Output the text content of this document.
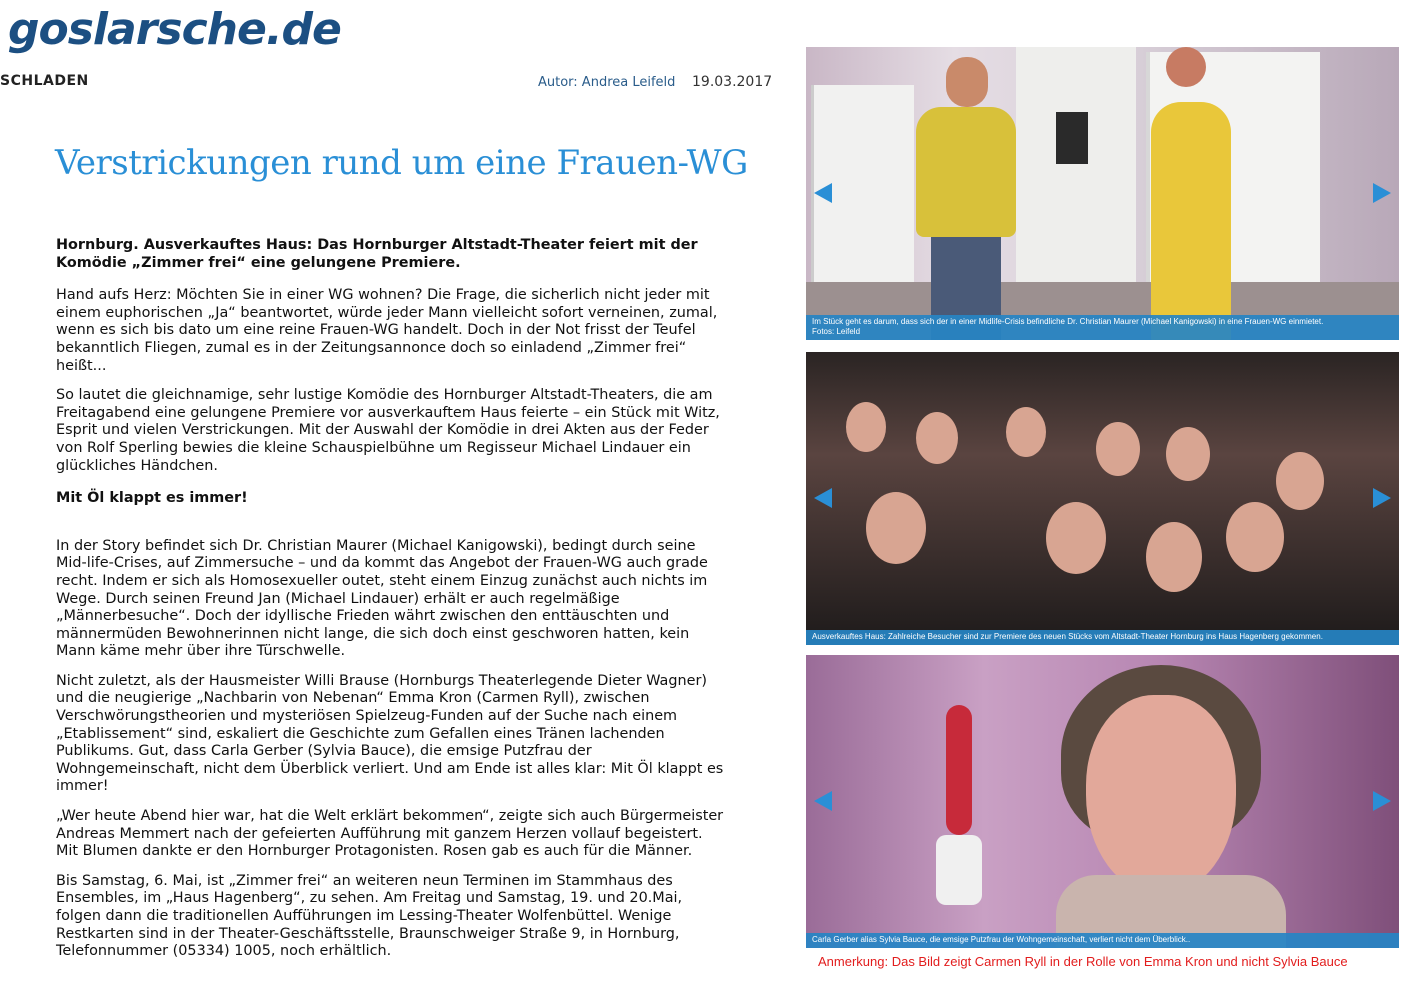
goslarsche.de
SCHLADEN	Autor: Andrea Leifeld 19.03.2017
Verstrickungen rund um eine Frauen-WG

Hornburg. Ausverkauftes Haus: Das Hornburger Altstadt-Theater feiert mit der Komödie „Zimmer frei“ eine gelungene Premiere.

Hand aufs Herz: Möchten Sie in einer WG wohnen? Die Frage, die sicherlich nicht jeder mit einem euphorischen „Ja“ beantwortet, würde jeder Mann vielleicht sofort verneinen, zumal, wenn es sich bis dato um eine reine Frauen-WG handelt. Doch in der Not frisst der Teufel bekanntlich Fliegen, zumal es in der Zeitungsannonce doch so einladend „Zimmer frei“ heißt...

So lautet die gleichnamige, sehr lustige Komödie des Hornburger Altstadt-Theaters, die am Freitagabend eine gelungene Premiere vor ausverkauftem Haus feierte – ein Stück mit Witz, Esprit und vielen Verstrickungen. Mit der Auswahl der Komödie in drei Akten aus der Feder von Rolf Sperling bewies die kleine Schauspielbühne um Regisseur Michael Lindauer ein glückliches Händchen.

Mit Öl klappt es immer!

In der Story befindet sich Dr. Christian Maurer (Michael Kanigowski), bedingt durch seine Mid-life-Crises, auf Zimmersuche – und da kommt das Angebot der Frauen-WG auch grade recht. Indem er sich als Homosexueller outet, steht einem Einzug zunächst auch nichts im Wege. Durch seinen Freund Jan (Michael Lindauer) erhält er auch regelmäßige „Männerbesuche“. Doch der idyllische Frieden währt zwischen den enttäuschten und männermüden Bewohnerinnen nicht lange, die sich doch einst geschworen hatten, kein Mann käme mehr über ihre Türschwelle.

Nicht zuletzt, als der Hausmeister Willi Brause (Hornburgs Theaterlegende Dieter Wagner) und die neugierige „Nachbarin von Nebenan“ Emma Kron (Carmen Ryll), zwischen Verschwörungstheorien und mysteriösen Spielzeug-Funden auf der Suche nach einem „Etablissement“ sind, eskaliert die Geschichte zum Gefallen eines Tränen lachenden Publikums. Gut, dass Carla Gerber (Sylvia Bauce), die emsige Putzfrau der Wohngemeinschaft, nicht dem Überblick verliert. Und am Ende ist alles klar: Mit Öl klappt es immer!

„Wer heute Abend hier war, hat die Welt erklärt bekommen“, zeigte sich auch Bürgermeister Andreas Memmert nach der gefeierten Aufführung mit ganzem Herzen vollauf begeistert. Mit Blumen dankte er den Hornburger Protagonisten. Rosen gab es auch für die Männer.

Bis Samstag, 6. Mai, ist „Zimmer frei“ an weiteren neun Terminen im Stammhaus des Ensembles, im „Haus Hagenberg“, zu sehen. Am Freitag und Samstag, 19. und 20.Mai, folgen dann die traditionellen Aufführungen im Lessing-Theater Wolfenbüttel. Wenige Restkarten sind in der Theater-Geschäftsstelle, Braunschweiger Straße 9, in Hornburg, Telefonnummer (05334) 1005, noch erhältlich.

Im Stück geht es darum, dass sich der in einer Midlife-Crisis befindliche Dr. Christian Maurer (Michael Kanigowski) in eine Frauen-WG einmietet.
Fotos: Leifeld
Ausverkauftes Haus: Zahlreiche Besucher sind zur Premiere des neuen Stücks vom Altstadt-Theater Hornburg ins Haus Hagenberg gekommen.
Carla Gerber alias Sylvia Bauce, die emsige Putzfrau der Wohngemeinschaft, verliert nicht dem Überblick..
Anmerkung: Das Bild zeigt Carmen Ryll in der Rolle von Emma Kron und nicht Sylvia Bauce
